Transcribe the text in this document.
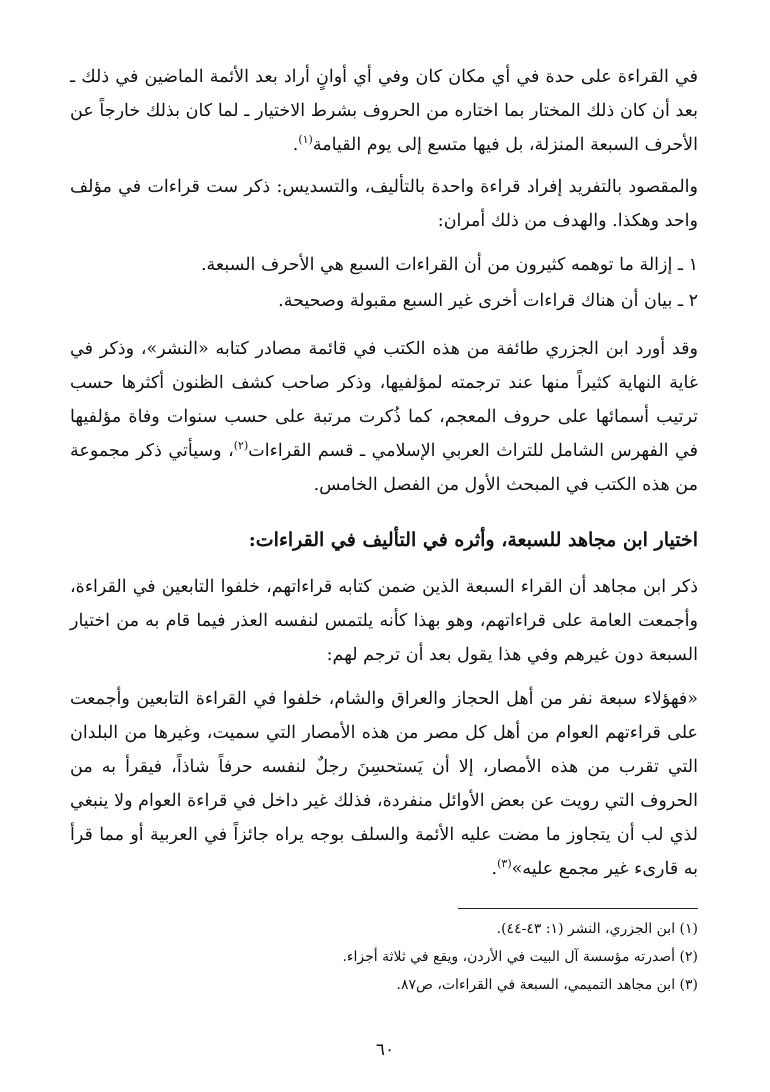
في القراءة على حدة في أي مكان كان وفي أي أوانٍ أراد بعد الأئمة الماضين في ذلك ـ بعد أن كان ذلك المختار بما اختاره من الحروف بشرط الاختيار ـ لما كان بذلك خارجاً عن الأحرف السبعة المنزلة، بل فيها متسع إلى يوم القيامة$^{(١)}$.

والمقصود بالتفريد إفراد قراءة واحدة بالتأليف، والتسديس: ذكر ست قراءات في مؤلف واحد وهكذا. والهدف من ذلك أمران:

١ ـ إزالة ما توهمه كثيرون من أن القراءات السبع هي الأحرف السبعة.

٢ ـ بيان أن هناك قراءات أخرى غير السبع مقبولة وصحيحة.

وقد أورد ابن الجزري طائفة من هذه الكتب في قائمة مصادر كتابه «النشر»، وذكر في غاية النهاية كثيراً منها عند ترجمته لمؤلفيها، وذكر صاحب كشف الظنون أكثرها حسب ترتيب أسمائها على حروف المعجم، كما ذُكرت مرتبة على حسب سنوات وفاة مؤلفيها في الفهرس الشامل للتراث العربي الإسلامي ـ قسم القراءات$^{(٢)}$، وسيأتي ذكر مجموعة من هذه الكتب في المبحث الأول من الفصل الخامس.

اختيار ابن مجاهد للسبعة، وأثره في التأليف في القراءات:

ذكر ابن مجاهد أن القراء السبعة الذين ضمن كتابه قراءاتهم، خلفوا التابعين في القراءة، وأجمعت العامة على قراءاتهم، وهو بهذا كأنه يلتمس لنفسه العذر فيما قام به من اختيار السبعة دون غيرهم وفي هذا يقول بعد أن ترجم لهم:

«فهؤلاء سبعة نفر من أهل الحجاز والعراق والشام، خلفوا في القراءة التابعين وأجمعت على قراءتهم العوام من أهل كل مصر من هذه الأمصار التي سميت، وغيرها من البلدان التي تقرب من هذه الأمصار، إلا أن يَستحسِنَ رجلٌ لنفسه حرفاً شاذاً، فيقرأ به من الحروف التي رويت عن بعض الأوائل منفردة، فذلك غير داخل في قراءة العوام ولا ينبغي لذي لب أن يتجاوز ما مضت عليه الأئمة والسلف بوجه يراه جائزاً في العربية أو مما قرأ به قارىء غير مجمع عليه»$^{(٣)}$.

(١) ابن الجزري، النشر (١: ٤٣-٤٤).

(٢) أصدرته مؤسسة آل البيت في الأردن، ويقع في ثلاثة أجزاء.

(٣) ابن مجاهد التميمي، السبعة في القراءات، ص٨٧.

٦٠
